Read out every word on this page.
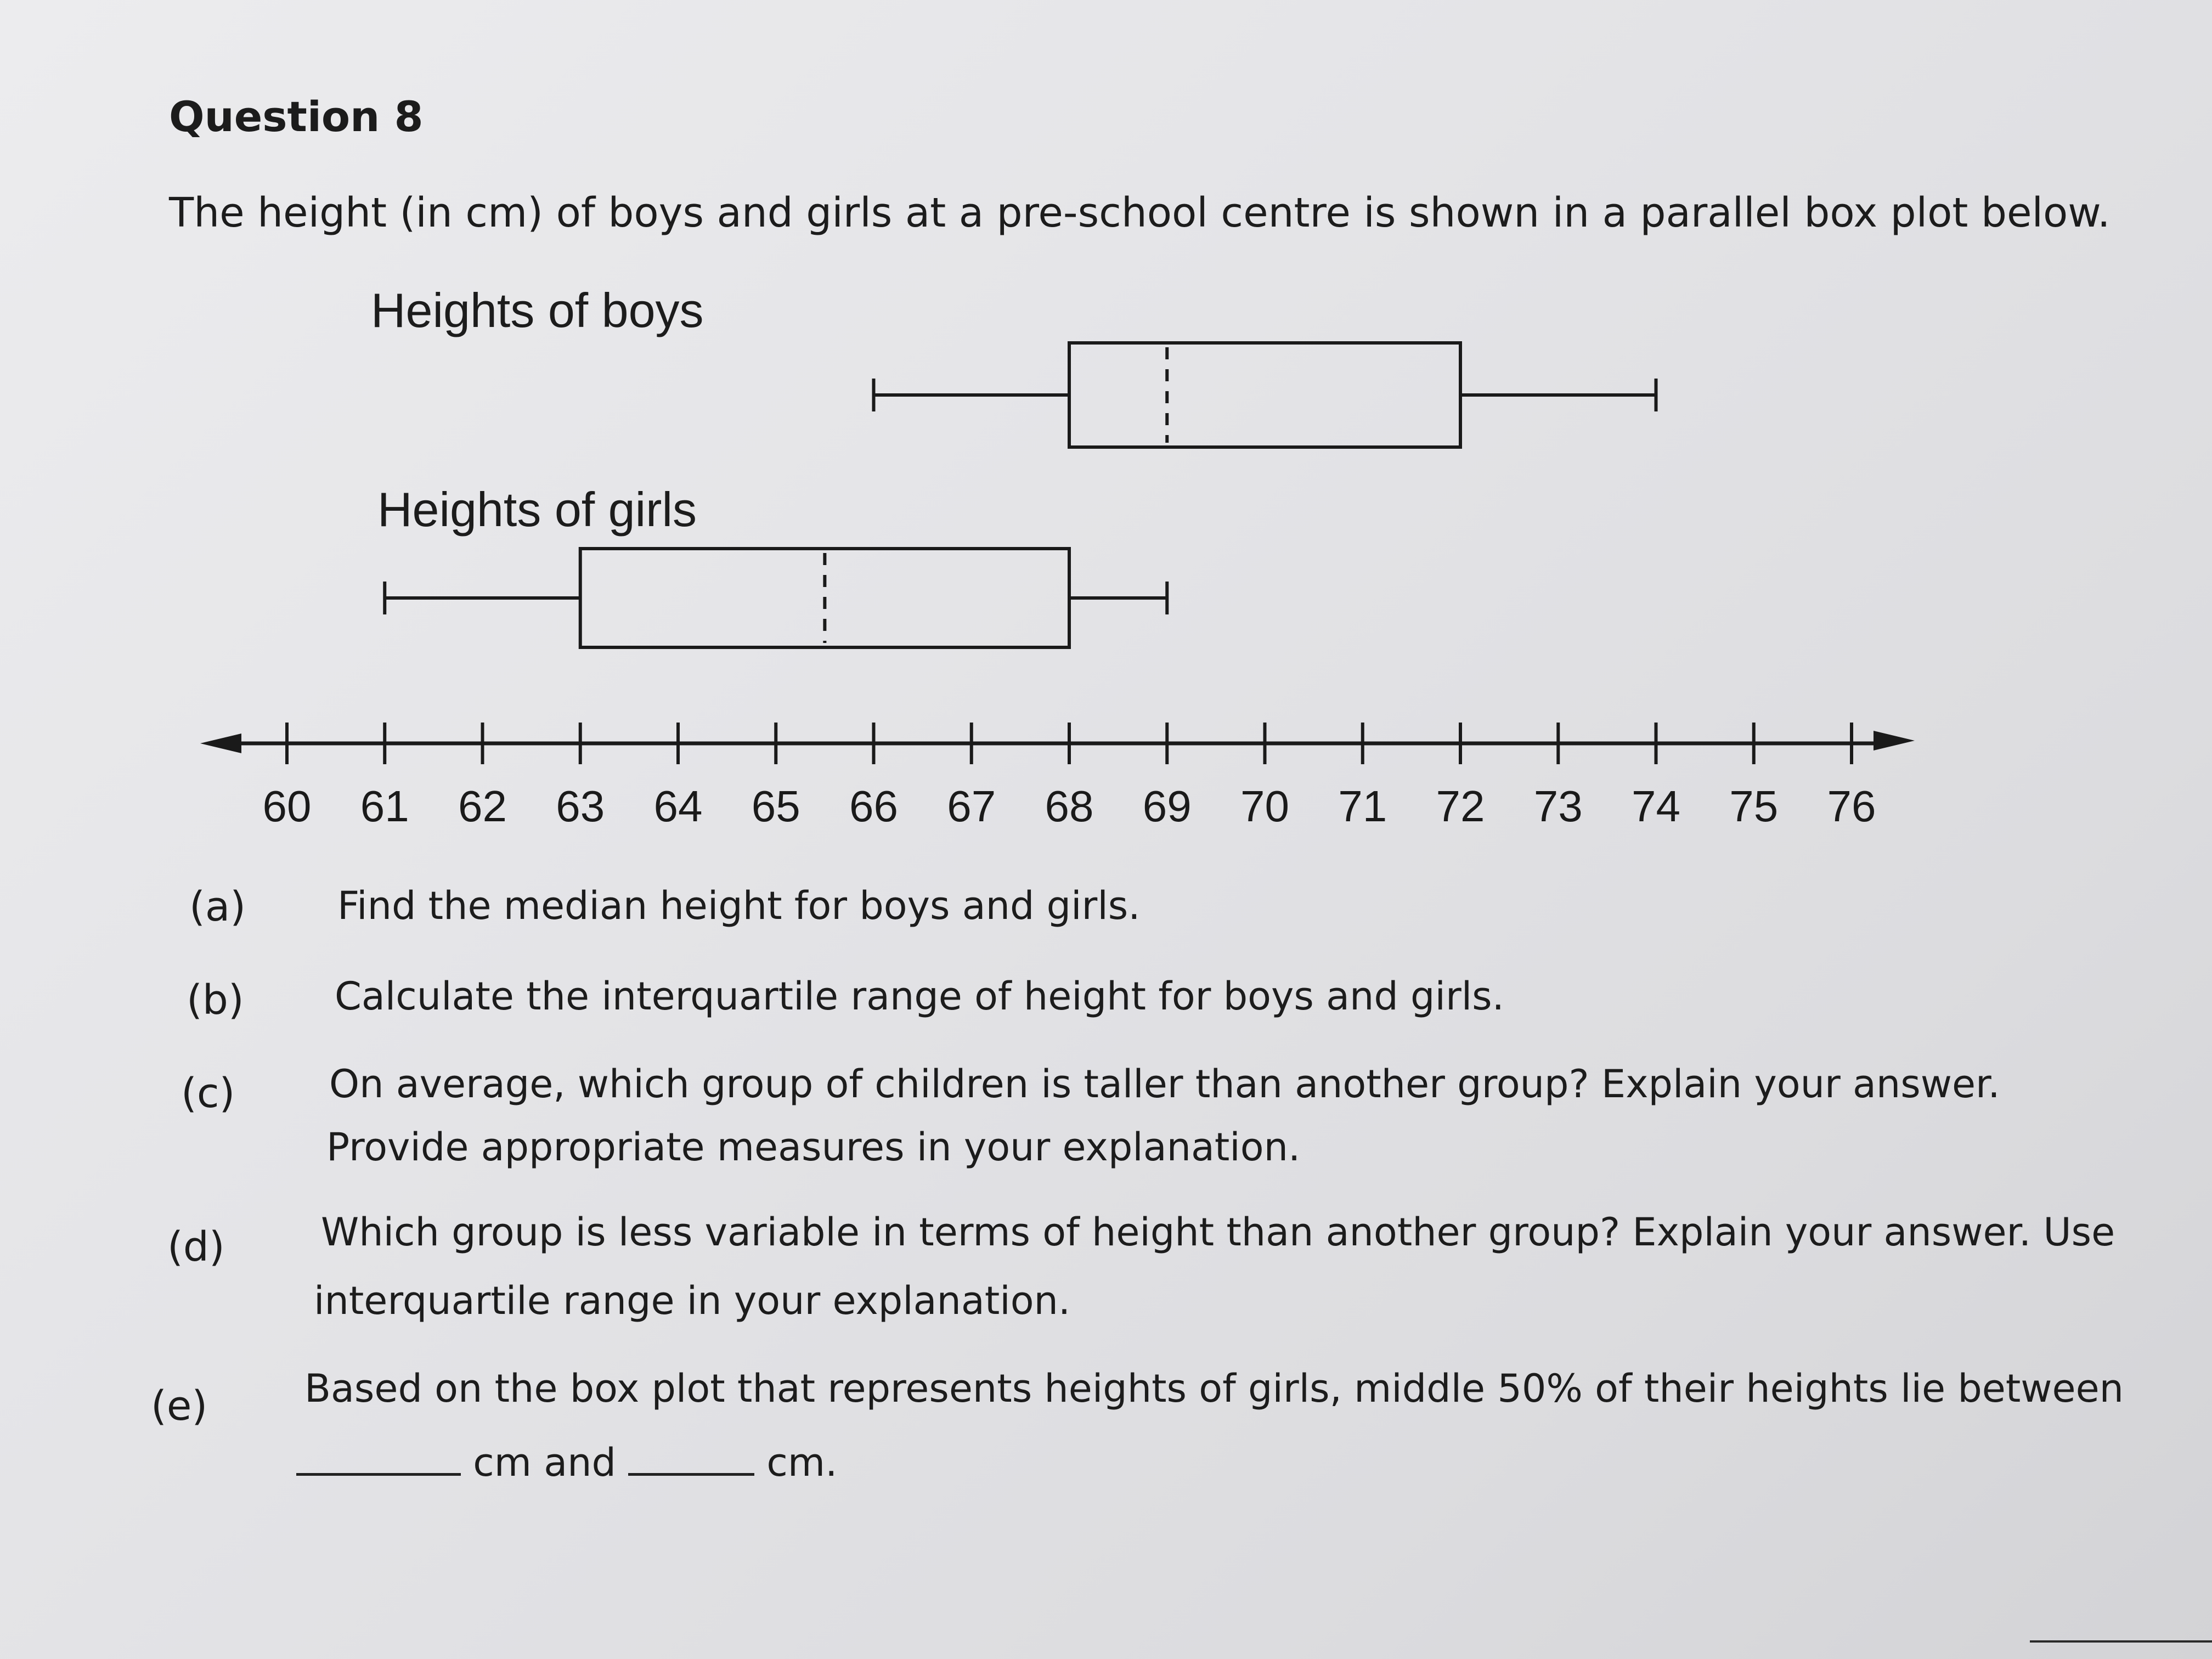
Question 8
The height (in cm) of boys and girls at a pre-school centre is shown in a parallel box plot below.
Heights of boys
Heights of girls
60 61 62 63 64 65 66 67 68 69 70 71 72 73 74 75 76
(a) Find the median height for boys and girls.
(b) Calculate the interquartile range of height for boys and girls.
(c) On average, which group of children is taller than another group? Explain your answer.
Provide appropriate measures in your explanation.
(d)	Which group is less variable in terms of height than another group? Explain your answer. Use
interquartile range in your explanation.
(e)	Based on the box plot that represents heights of girls, middle 50% of their heights lie between
cm and	cm.
